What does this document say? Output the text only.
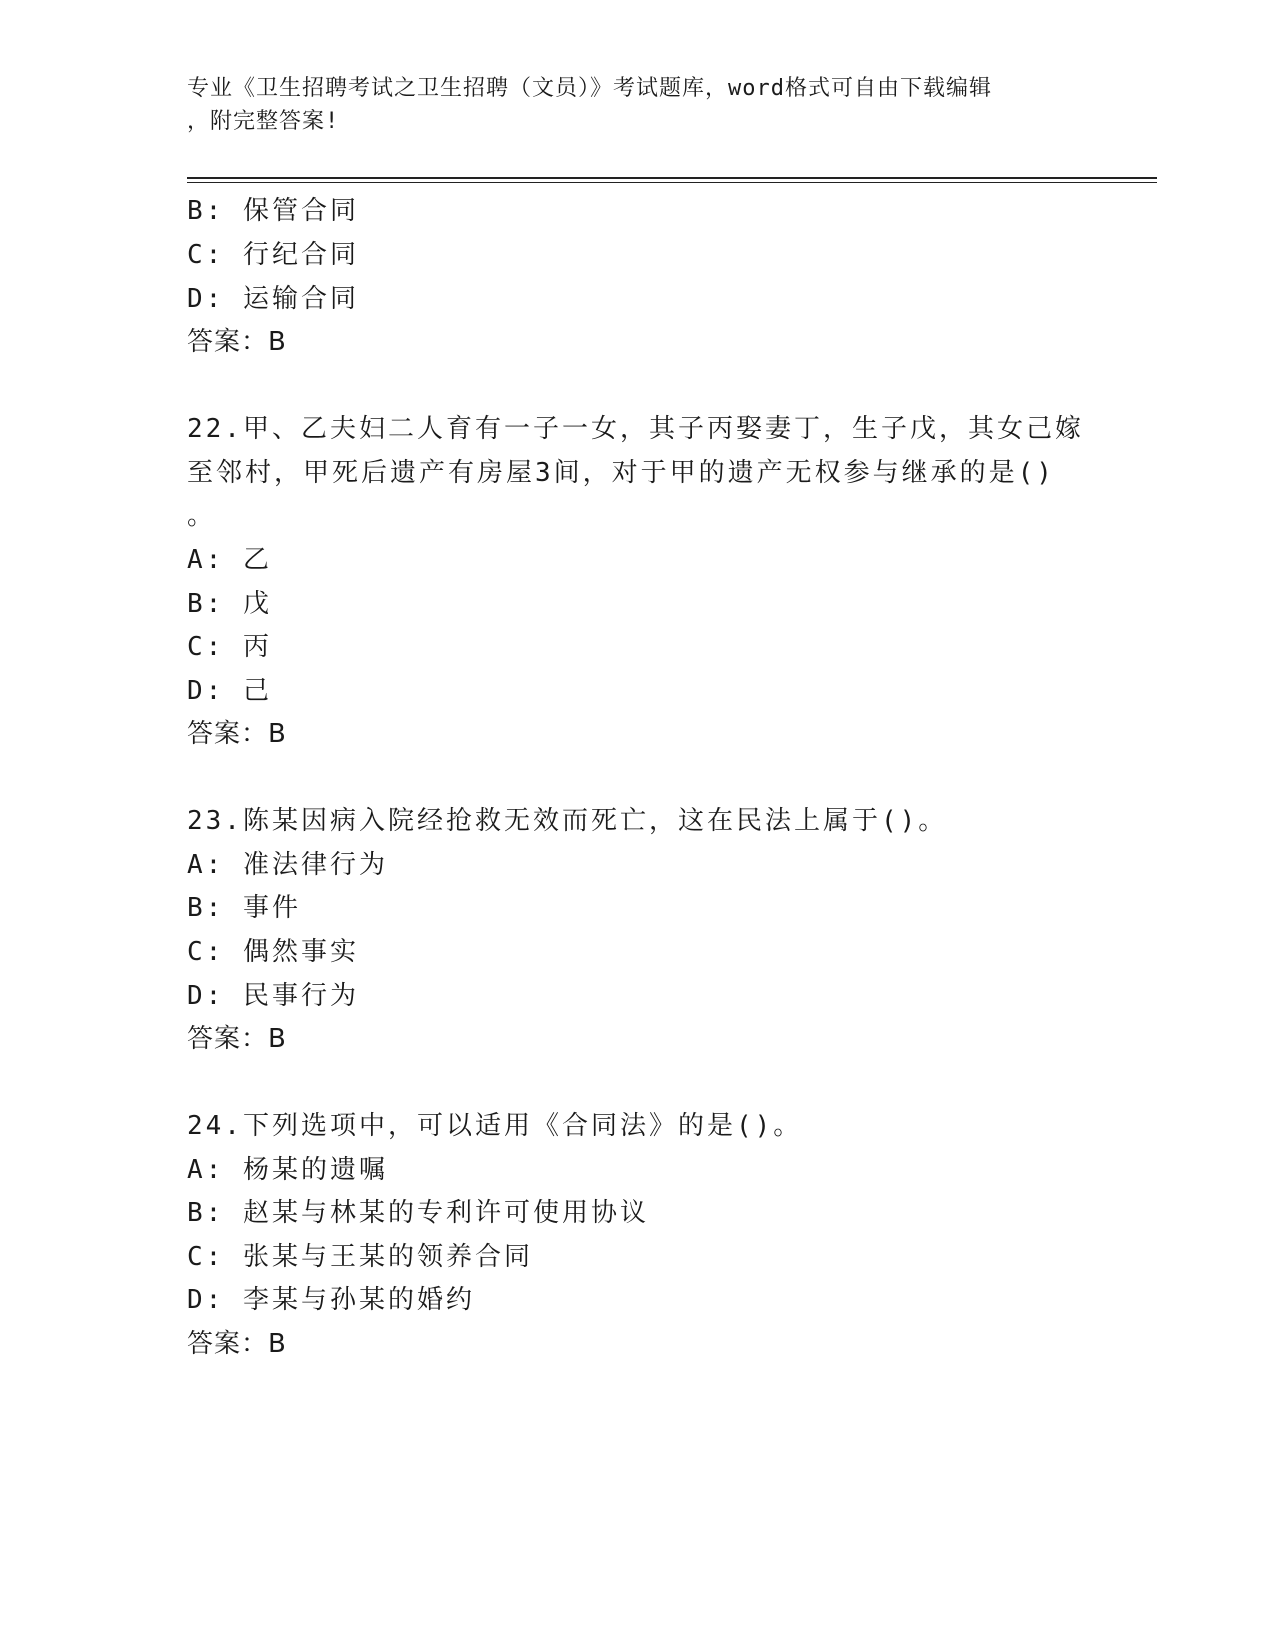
专业《卫生招聘考试之卫生招聘（文员）》考试题库，word格式可自由下载编辑
，附完整答案!
B: 保管合同
C: 行纪合同
D: 运输合同
答案：B
22.甲、乙夫妇二人育有一子一女，其子丙娶妻丁，生子戊，其女己嫁
至邻村，甲死后遗产有房屋3间，对于甲的遗产无权参与继承的是()
。
A: 乙
B: 戊
C: 丙
D: 己
答案：B
23.陈某因病入院经抢救无效而死亡，这在民法上属于()。
A: 准法律行为
B: 事件
C: 偶然事实
D: 民事行为
答案：B
24.下列选项中，可以适用《合同法》的是()。
A: 杨某的遗嘱
B: 赵某与林某的专利许可使用协议
C: 张某与王某的领养合同
D: 李某与孙某的婚约
答案：B
